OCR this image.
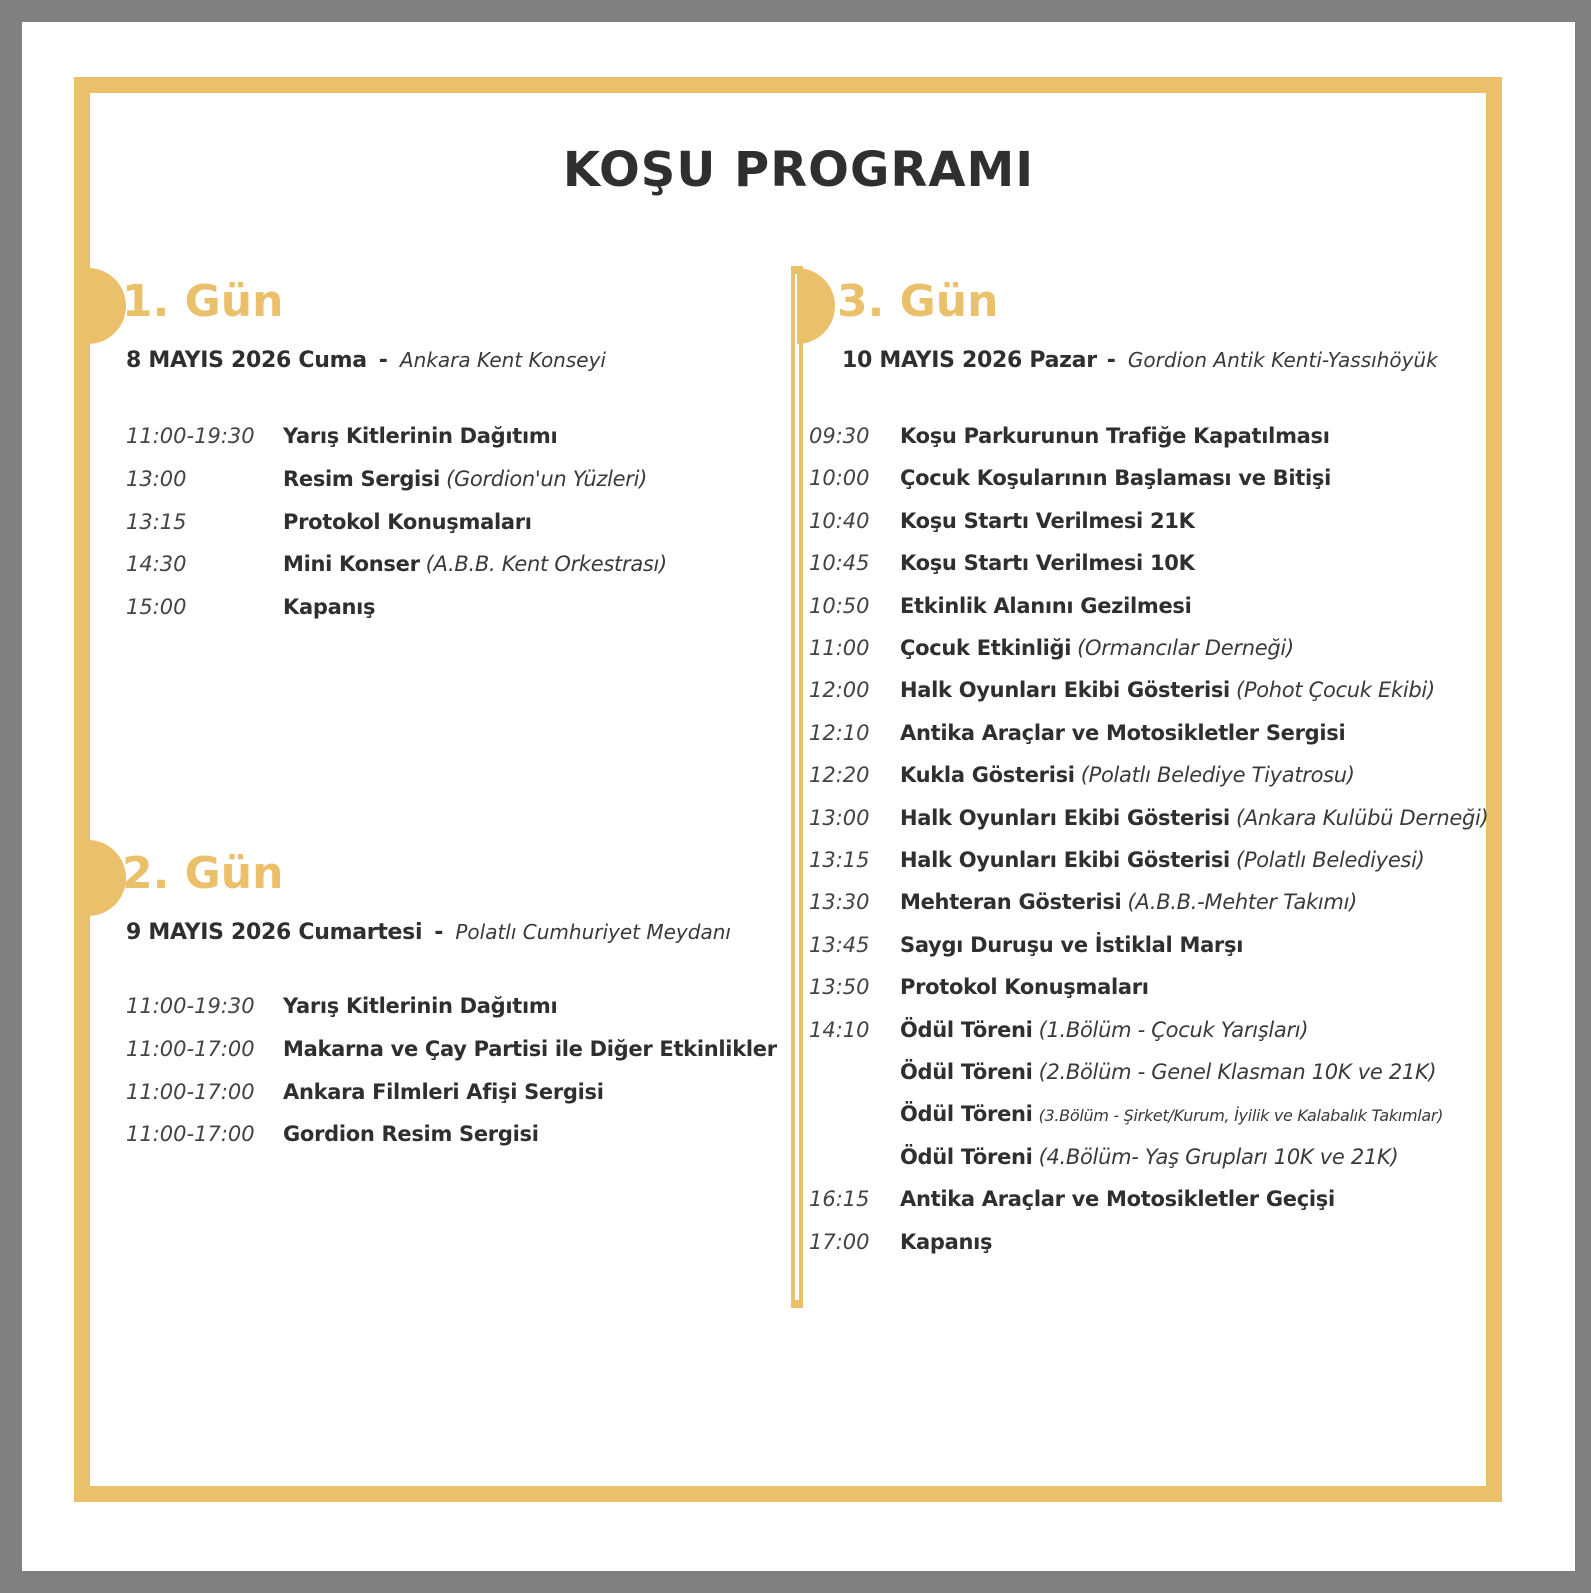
KOŞU PROGRAMI
1. Gün
8 MAYIS 2026 Cuma - Ankara Kent Konseyi
11:00-19:30 Yarış Kitlerinin Dağıtımı
13:00	Resim Sergisi (Gordion'un Yüzleri)
13:15	Protokol Konuşmaları
14:30	Mini Konser (A.B.B. Kent Orkestrası)
15:00	Kapanış
2. Gün
9 MAYIS 2026 Cumartesi - Polatlı Cumhuriyet Meydanı
11:00-19:30 Yarış Kitlerinin Dağıtımı
11:00-17:00 Makarna ve Çay Partisi ile Diğer Etkinlikler
11:00-17:00 Ankara Filmleri Afişi Sergisi
11:00-17:00 Gordion Resim Sergisi
3. Gün
10 MAYIS 2026 Pazar - Gordion Antik Kenti-Yassıhöyük
09:30 Koşu Parkurunun Trafiğe Kapatılması
10:00 Çocuk Koşularının Başlaması ve Bitişi
10:40 Koşu Startı Verilmesi 21K
10:45 Koşu Startı Verilmesi 10K
10:50 Etkinlik Alanını Gezilmesi
11:00 Çocuk Etkinliği (Ormancılar Derneği)
12:00 Halk Oyunları Ekibi Gösterisi (Pohot Çocuk Ekibi)
12:10 Antika Araçlar ve Motosikletler Sergisi
12:20 Kukla Gösterisi (Polatlı Belediye Tiyatrosu)
13:00 Halk Oyunları Ekibi Gösterisi (Ankara Kulübü Derneği)
13:15 Halk Oyunları Ekibi Gösterisi (Polatlı Belediyesi)
13:30 Mehteran Gösterisi (A.B.B.-Mehter Takımı)
13:45 Saygı Duruşu ve İstiklal Marşı
13:50 Protokol Konuşmaları
14:10 Ödül Töreni (1.Bölüm - Çocuk Yarışları)
Ödül Töreni (2.Bölüm - Genel Klasman 10K ve 21K)
Ödül Töreni (3.Bölüm - Şirket/Kurum, İyilik ve Kalabalık Takımlar)
Ödül Töreni (4.Bölüm- Yaş Grupları 10K ve 21K)
16:15 Antika Araçlar ve Motosikletler Geçişi
17:00 Kapanış
